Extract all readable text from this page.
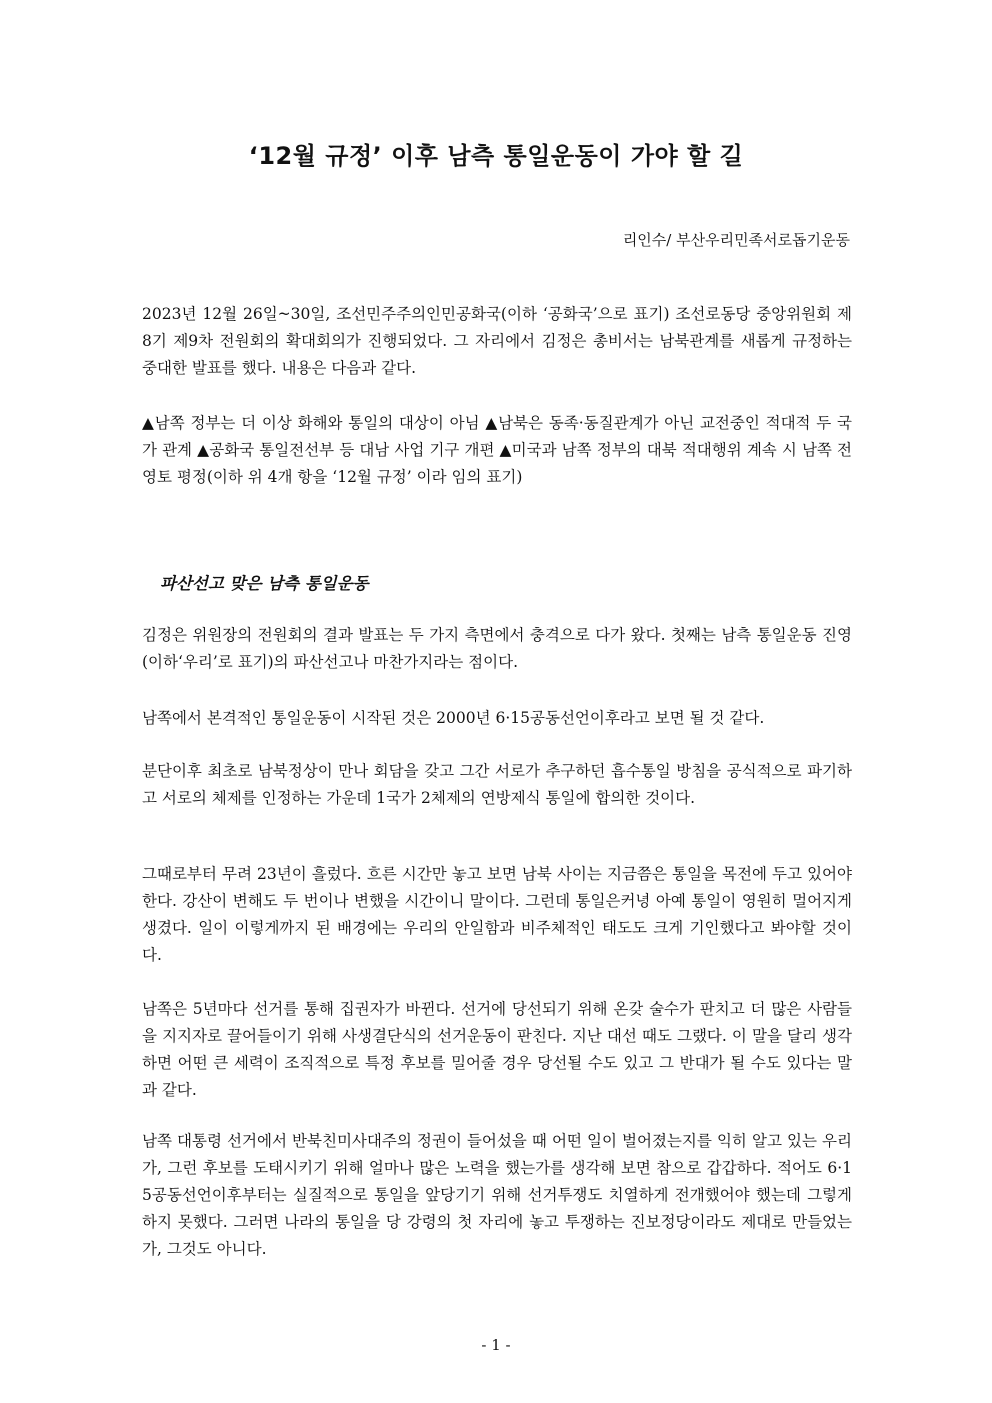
‘12월 규정’ 이후 남측 통일운동이 가야 할 길
리인수/ 부산우리민족서로돕기운동
2023년 12월 26일~30일, 조선민주주의인민공화국(이하 ‘공화국’으로 표기) 조선로동당 중앙위원회 제8기 제9차 전원회의 확대회의가 진행되었다. 그 자리에서 김정은 총비서는 남북관계를 새롭게 규정하는 중대한 발표를 했다. 내용은 다음과 같다.
▲남쪽 정부는 더 이상 화해와 통일의 대상이 아님 ▲남북은 동족·동질관계가 아닌 교전중인 적대적 두 국가 관계 ▲공화국 통일전선부 등 대남 사업 기구 개편 ▲미국과 남쪽 정부의 대북 적대행위 계속 시 남쪽 전 영토 평정(이하 위 4개 항을 ‘12월 규정’ 이라 임의 표기)
파산선고 맞은 남측 통일운동
김정은 위원장의 전원회의 결과 발표는 두 가지 측면에서 충격으로 다가 왔다. 첫째는 남측 통일운동 진영(이하‘우리’로 표기)의 파산선고나 마찬가지라는 점이다.
남쪽에서 본격적인 통일운동이 시작된 것은 2000년 6·15공동선언이후라고 보면 될 것 같다.
분단이후 최초로 남북정상이 만나 회담을 갖고 그간 서로가 추구하던 흡수통일 방침을 공식적으로 파기하고 서로의 체제를 인정하는 가운데 1국가 2체제의 연방제식 통일에 합의한 것이다.
그때로부터 무려 23년이 흘렀다. 흐른 시간만 놓고 보면 남북 사이는 지금쯤은 통일을 목전에 두고 있어야 한다. 강산이 변해도 두 번이나 변했을 시간이니 말이다. 그런데 통일은커녕 아예 통일이 영원히 멀어지게 생겼다. 일이 이렇게까지 된 배경에는 우리의 안일함과 비주체적인 태도도 크게 기인했다고 봐야할 것이다.
남쪽은 5년마다 선거를 통해 집권자가 바뀐다. 선거에 당선되기 위해 온갖 술수가 판치고 더 많은 사람들을 지지자로 끌어들이기 위해 사생결단식의 선거운동이 판친다. 지난 대선 때도 그랬다. 이 말을 달리 생각하면 어떤 큰 세력이 조직적으로 특정 후보를 밀어줄 경우 당선될 수도 있고 그 반대가 될 수도 있다는 말과 같다.
남쪽 대통령 선거에서 반북친미사대주의 정권이 들어섰을 때 어떤 일이 벌어졌는지를 익히 알고 있는 우리가, 그런 후보를 도태시키기 위해 얼마나 많은 노력을 했는가를 생각해 보면 참으로 갑갑하다. 적어도 6·15공동선언이후부터는 실질적으로 통일을 앞당기기 위해 선거투쟁도 치열하게 전개했어야 했는데 그렇게 하지 못했다. 그러면 나라의 통일을 당 강령의 첫 자리에 놓고 투쟁하는 진보정당이라도 제대로 만들었는가, 그것도 아니다.
- 1 -
